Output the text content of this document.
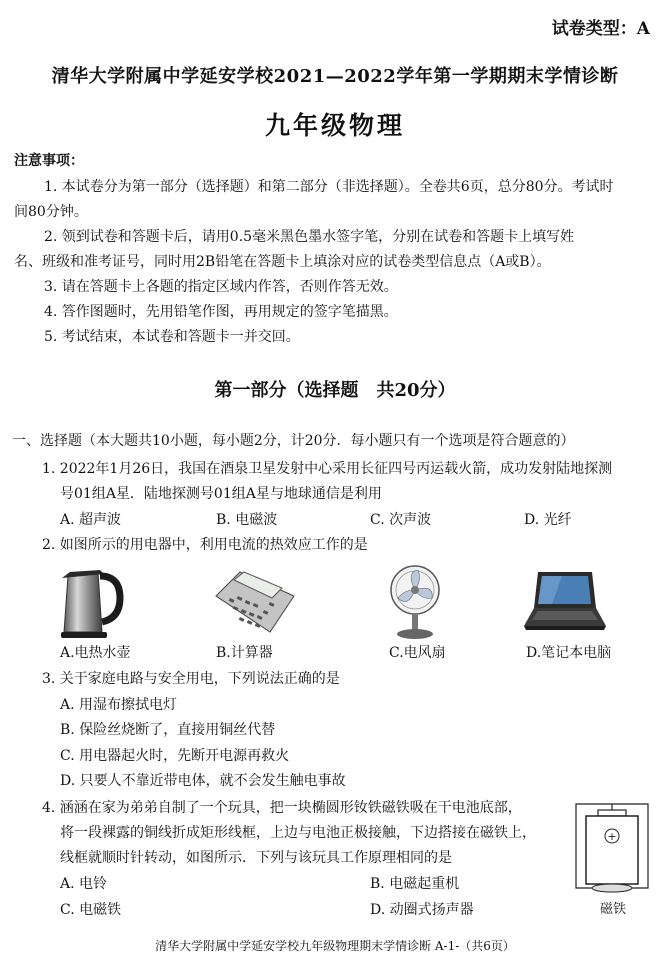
试卷类型：A
清华大学附属中学延安学校2021—2022学年第一学期期末学情诊断
九年级物理
注意事项：
1. 本试卷分为第一部分（选择题）和第二部分（非选择题）。全卷共6页，总分80分。考试时
间80分钟。
2. 领到试卷和答题卡后，请用0.5毫米黑色墨水签字笔，分别在试卷和答题卡上填写姓
名、班级和准考证号，同时用2B铅笔在答题卡上填涂对应的试卷类型信息点（A或B）。
3. 请在答题卡上各题的指定区域内作答，否则作答无效。
4. 答作图题时，先用铅笔作图，再用规定的签字笔描黑。
5. 考试结束，本试卷和答题卡一并交回。
第一部分（选择题　共20分）
一、选择题（本大题共10小题，每小题2分，计20分．每小题只有一个选项是符合题意的）
1. 2022年1月26日，我国在酒泉卫星发射中心采用长征四号丙运载火箭，成功发射陆地探测
号01组A星．陆地探测号01组A星与地球通信是利用
A. 超声波	B. 电磁波	C. 次声波	D. 光纤
2. 如图所示的用电器中，利用电流的热效应工作的是
A.电热水壶	B.计算器	C.电风扇	D.笔记本电脑
3. 关于家庭电路与安全用电，下列说法正确的是
A. 用湿布擦拭电灯
B. 保险丝烧断了，直接用铜丝代替
C. 用电器起火时，先断开电源再救火
D. 只要人不靠近带电体，就不会发生触电事故
4. 涵涵在家为弟弟自制了一个玩具，把一块椭圆形钕铁磁铁吸在干电池底部，
将一段裸露的铜线折成矩形线框，上边与电池正极接触，下边搭接在磁铁上，
线框就顺时针转动，如图所示．下列与该玩具工作原理相同的是
A. 电铃	B. 电磁起重机
C. 电磁铁	D. 动圈式扬声器
+
磁铁
清华大学附属中学延安学校九年级物理期末学情诊断 A-1-（共6页）
